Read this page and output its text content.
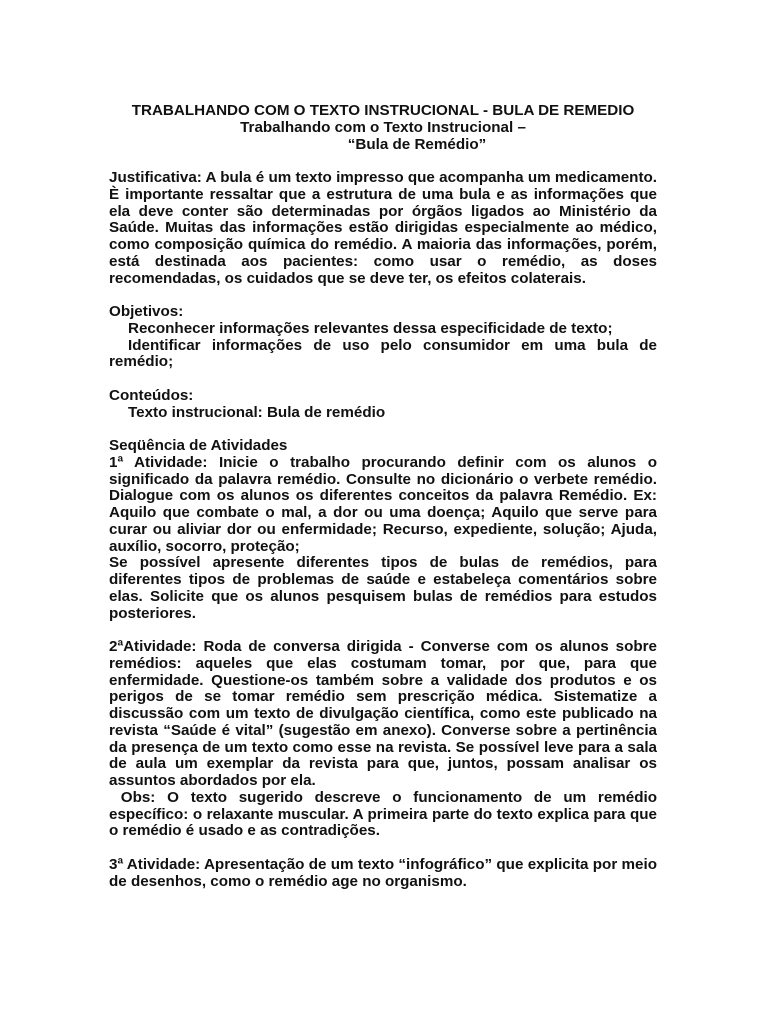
TRABALHANDO COM O TEXTO INSTRUCIONAL - BULA DE REMEDIO

Trabalhando com o Texto Instrucional –

“Bula de Remédio”

Justificativa: A bula é um texto impresso que acompanha um medicamento. È importante ressaltar que a estrutura de uma bula e as informações que ela deve conter são determinadas por órgãos ligados ao Ministério da Saúde. Muitas das informações estão dirigidas especialmente ao médico, como composição química do remédio. A maioria das informações, porém, está destinada aos pacientes: como usar o remédio, as doses recomendadas, os cuidados que se deve ter, os efeitos colaterais.

Objetivos:

Reconhecer informações relevantes dessa especificidade de texto;

Identificar informações de uso pelo consumidor em uma bula de remédio;

Conteúdos:

Texto instrucional: Bula de remédio

Seqüência de Atividades

1ª Atividade: Inicie o trabalho procurando definir com os alunos o significado da palavra remédio. Consulte no dicionário o verbete remédio. Dialogue com os alunos os diferentes conceitos da palavra Remédio. Ex: Aquilo que combate o mal, a dor ou uma doença; Aquilo que serve para curar ou aliviar dor ou enfermidade; Recurso, expediente, solução; Ajuda, auxílio, socorro, proteção;

Se possível apresente diferentes tipos de bulas de remédios, para diferentes tipos de problemas de saúde e estabeleça comentários sobre elas. Solicite que os alunos pesquisem bulas de remédios para estudos posteriores.

2ªAtividade: Roda de conversa dirigida - Converse com os alunos sobre remédios: aqueles que elas costumam tomar, por que, para que enfermidade. Questione-os também sobre a validade dos produtos e os perigos de se tomar remédio sem prescrição médica. Sistematize a discussão com um texto de divulgação científica, como este publicado na revista “Saúde é vital” (sugestão em anexo). Converse sobre a pertinência da presença de um texto como esse na revista. Se possível leve para a sala de aula um exemplar da revista para que, juntos, possam analisar os assuntos abordados por ela.

Obs: O texto sugerido descreve o funcionamento de um remédio específico: o relaxante muscular. A primeira parte do texto explica para que o remédio é usado e as contradições.

3ª Atividade: Apresentação de um texto “infográfico” que explicita por meio de desenhos, como o remédio age no organismo.
